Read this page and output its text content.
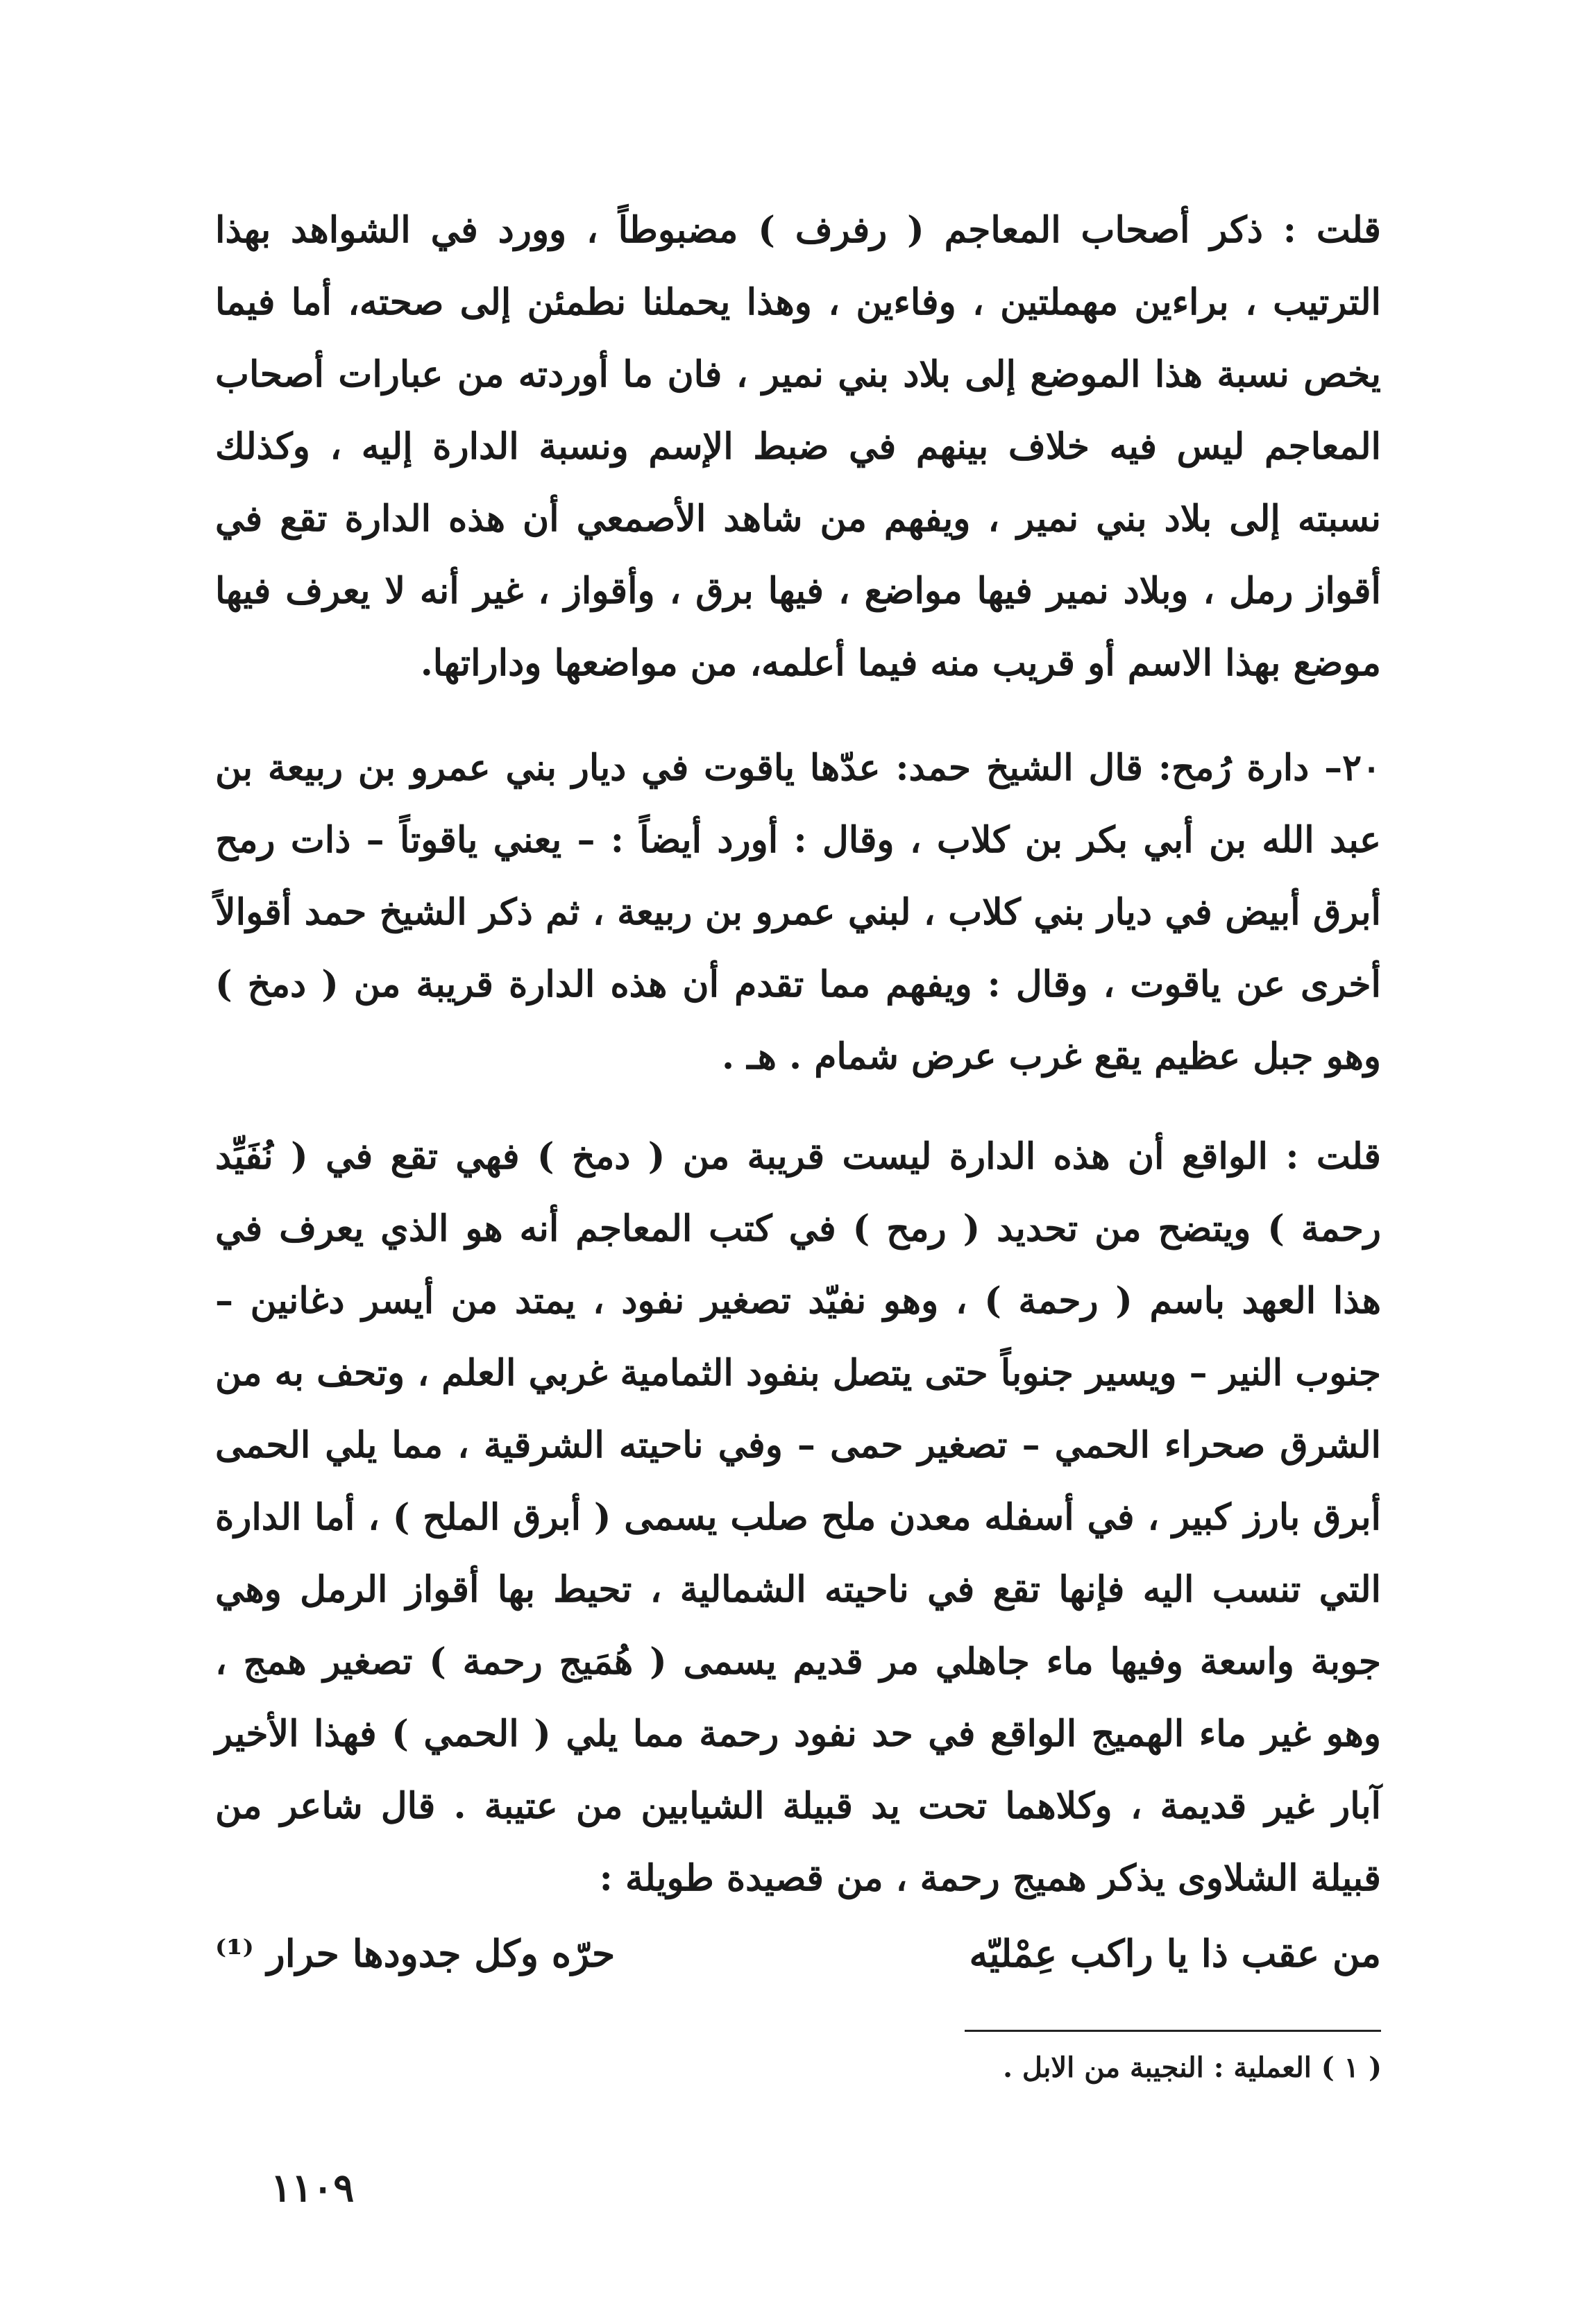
قلت : ذكر أصحاب المعاجم ( رفرف ) مضبوطاً ، وورد في الشواهد بهذا الترتيب ، براءين مهملتين ، وفاءين ، وهذا يحملنا نطمئن إلى صحته، أما فيما يخص نسبة هذا الموضع إلى بلاد بني نمير ، فان ما أوردته من عبارات أصحاب المعاجم ليس فيه خلاف بينهم في ضبط الإسم ونسبة الدارة إليه ، وكذلك نسبته إلى بلاد بني نمير ، ويفهم من شاهد الأصمعي أن هذه الدارة تقع في أقواز رمل ، وبلاد نمير فيها مواضع ، فيها برق ، وأقواز ، غير أنه لا يعرف فيها موضع بهذا الاسم أو قريب منه فيما أعلمه، من مواضعها وداراتها.

٢٠– دارة رُمح: قال الشيخ حمد: عدّها ياقوت في ديار بني عمرو بن ربيعة بن عبد الله بن أبي بكر بن كلاب ، وقال : أورد أيضاً : – يعني ياقوتاً – ذات رمح أبرق أبيض في ديار بني كلاب ، لبني عمرو بن ربيعة ، ثم ذكر الشيخ حمد أقوالاً أخرى عن ياقوت ، وقال : ويفهم مما تقدم أن هذه الدارة قريبة من ( دمخ ) وهو جبل عظيم يقع غرب عرض شمام . هـ .

قلت : الواقع أن هذه الدارة ليست قريبة من ( دمخ ) فهي تقع في ( نُفَيِّد رحمة ) ويتضح من تحديد ( رمح ) في كتب المعاجم أنه هو الذي يعرف في هذا العهد باسم ( رحمة ) ، وهو نفيّد تصغير نفود ، يمتد من أيسر دغانين – جنوب النير – ويسير جنوباً حتى يتصل بنفود الثمامية غربي العلم ، وتحف به من الشرق صحراء الحمي – تصغير حمى – وفي ناحيته الشرقية ، مما يلي الحمى أبرق بارز كبير ، في أسفله معدن ملح صلب يسمى ( أبرق الملح ) ، أما الدارة التي تنسب اليه فإنها تقع في ناحيته الشمالية ، تحيط بها أقواز الرمل وهي جوبة واسعة وفيها ماء جاهلي مر قديم يسمى ( هُمَيج رحمة ) تصغير همج ، وهو غير ماء الهميج الواقع في حد نفود رحمة مما يلي ( الحمي ) فهذا الأخير آبار غير قديمة ، وكلاهما تحت يد قبيلة الشيابين من عتيبة . قال شاعر من قبيلة الشلاوى يذكر هميج رحمة ، من قصيدة طويلة :

من عقب ذا يا راكب عِمْليّه
حرّه وكل جدودها حرار ⁽¹⁾
( ١ ) العملية : النجيبة من الابل .
١١٠٩
